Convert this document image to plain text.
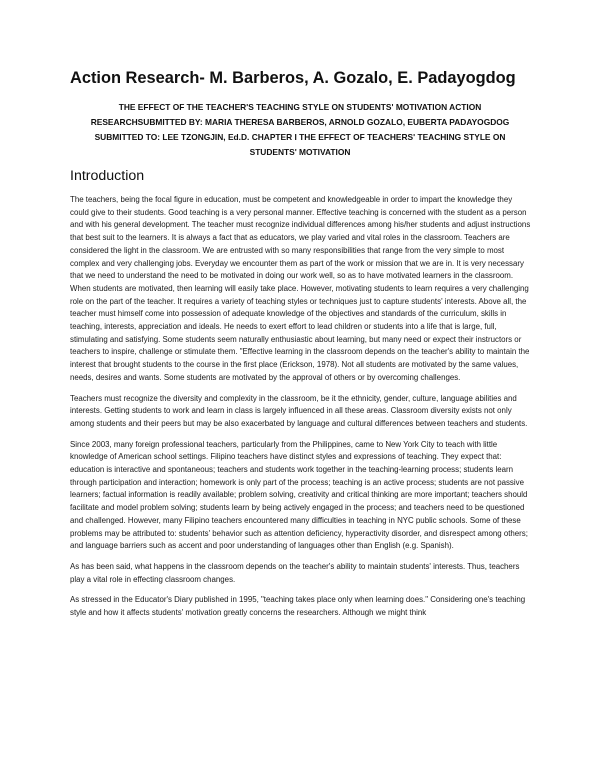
Action Research- M. Barberos, A. Gozalo, E. Padayogdog

THE EFFECT OF THE TEACHER'S TEACHING STYLE ON STUDENTS' MOTIVATION ACTION RESEARCHSUBMITTED BY: MARIA THERESA BARBEROS, ARNOLD GOZALO, EUBERTA PADAYOGDOG SUBMITTED TO: LEE TZONGJIN, Ed.D. CHAPTER I THE EFFECT OF TEACHERS' TEACHING STYLE ON STUDENTS' MOTIVATION

Introduction

The teachers, being the focal figure in education, must be competent and knowledgeable in order to impart the knowledge they could give to their students. Good teaching is a very personal manner. Effective teaching is concerned with the student as a person and with his general development. The teacher must recognize individual differences among his/her students and adjust instructions that best suit to the learners. It is always a fact that as educators, we play varied and vital roles in the classroom. Teachers are considered the light in the classroom. We are entrusted with so many responsibilities that range from the very simple to most complex and very challenging jobs. Everyday we encounter them as part of the work or mission that we are in. It is very necessary that we need to understand the need to be motivated in doing our work well, so as to have motivated learners in the classroom. When students are motivated, then learning will easily take place. However, motivating students to learn requires a very challenging role on the part of the teacher. It requires a variety of teaching styles or techniques just to capture students' interests. Above all, the teacher must himself come into possession of adequate knowledge of the objectives and standards of the curriculum, skills in teaching, interests, appreciation and ideals. He needs to exert effort to lead children or students into a life that is large, full, stimulating and satisfying. Some students seem naturally enthusiastic about learning, but many need or expect their instructors or teachers to inspire, challenge or stimulate them. "Effective learning in the classroom depends on the teacher's ability to maintain the interest that brought students to the course in the first place (Erickson, 1978). Not all students are motivated by the same values, needs, desires and wants. Some students are motivated by the approval of others or by overcoming challenges.

Teachers must recognize the diversity and complexity in the classroom, be it the ethnicity, gender, culture, language abilities and interests. Getting students to work and learn in class is largely influenced in all these areas. Classroom diversity exists not only among students and their peers but may be also exacerbated by language and cultural differences between teachers and students.

Since 2003, many foreign professional teachers, particularly from the Philippines, came to New York City to teach with little knowledge of American school settings. Filipino teachers have distinct styles and expressions of teaching. They expect that: education is interactive and spontaneous; teachers and students work together in the teaching-learning process; students learn through participation and interaction; homework is only part of the process; teaching is an active process; students are not passive learners; factual information is readily available; problem solving, creativity and critical thinking are more important; teachers should facilitate and model problem solving; students learn by being actively engaged in the process; and teachers need to be questioned and challenged. However, many Filipino teachers encountered many difficulties in teaching in NYC public schools. Some of these problems may be attributed to: students' behavior such as attention deficiency, hyperactivity disorder, and disrespect among others; and language barriers such as accent and poor understanding of languages other than English (e.g. Spanish).

As has been said, what happens in the classroom depends on the teacher's ability to maintain students' interests. Thus, teachers play a vital role in effecting classroom changes.

As stressed in the Educator's Diary published in 1995, "teaching takes place only when learning does." Considering one's teaching style and how it affects students' motivation greatly concerns the researchers. Although we might think
